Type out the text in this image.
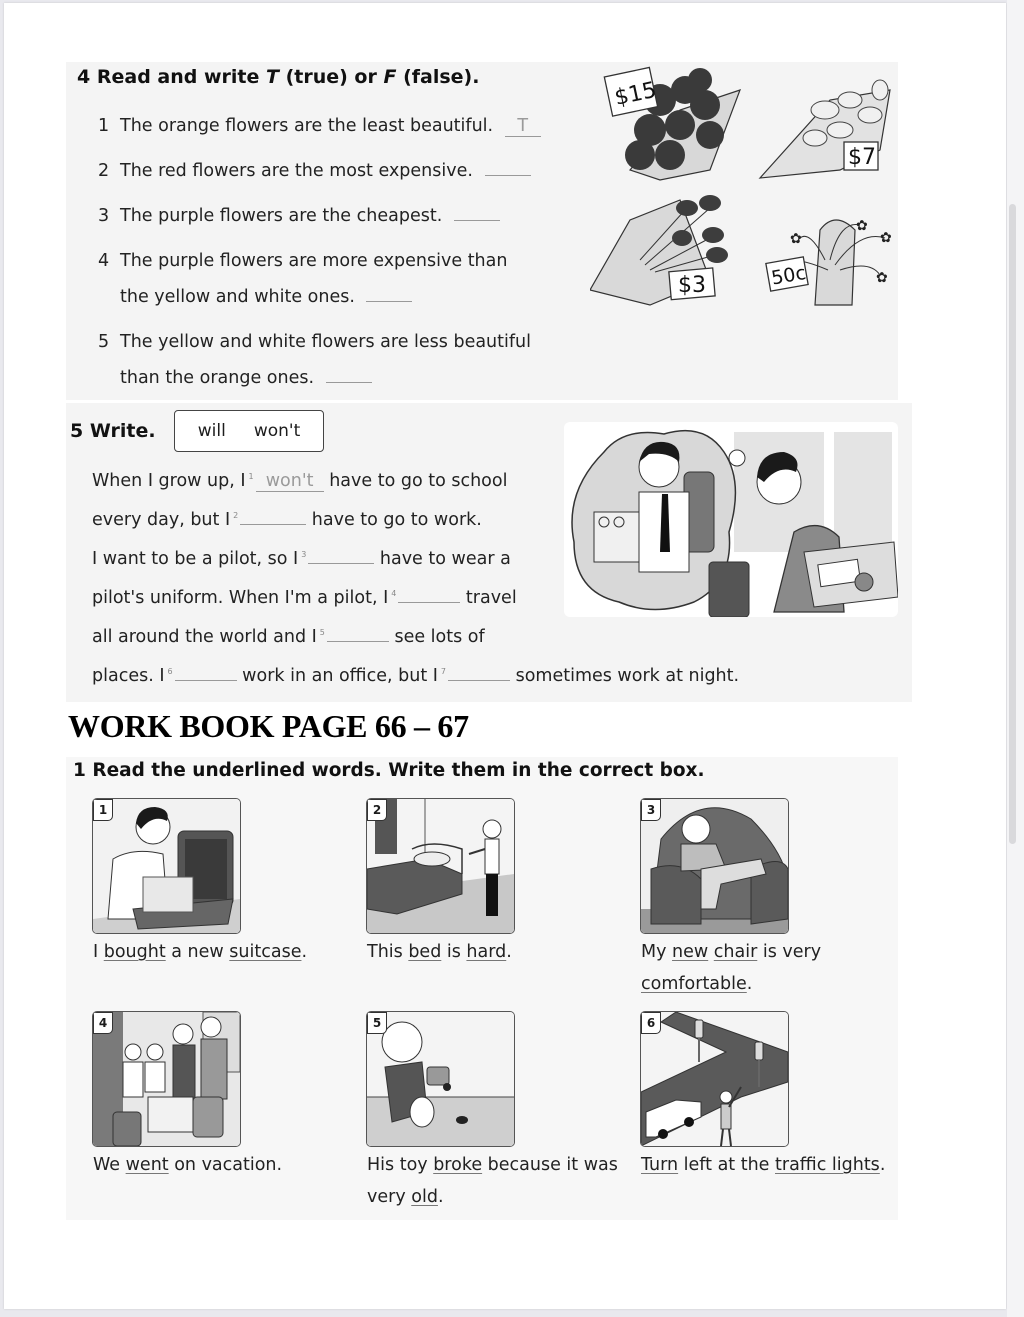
4 Read and write T (true) or F (false).
1 The orange flowers are the least beautiful. T
2 The red flowers are the most expensive.
3 The purple flowers are the cheapest.
4 The purple flowers are more expensive than
the yellow and white ones.
5 The yellow and white flowers are less beautiful
than the orange ones.
$15
$7
$3
✿
✿
✿
✿
50c
5 Write. will won't
When I grow up, I $^1$ won't have to go to school
every day, but I $^2$	have to go to work.
I want to be a pilot, so I $^3$	have to wear a
pilot's uniform. When I'm a pilot, I $^4$	travel
all around the world and I $^5$	see lots of
places. I $^6$	work in an office, but I $^7$	sometimes work at night.
WORK BOOK PAGE 66 – 67
1 Read the underlined words. Write them in the correct box.
1
I bought a new suitcase.
2
This bed is hard.
3
My new chair is very
comfortable.
4
We went on vacation.
5
His toy broke because it was
very old.
6
Turn left at the traffic lights.
